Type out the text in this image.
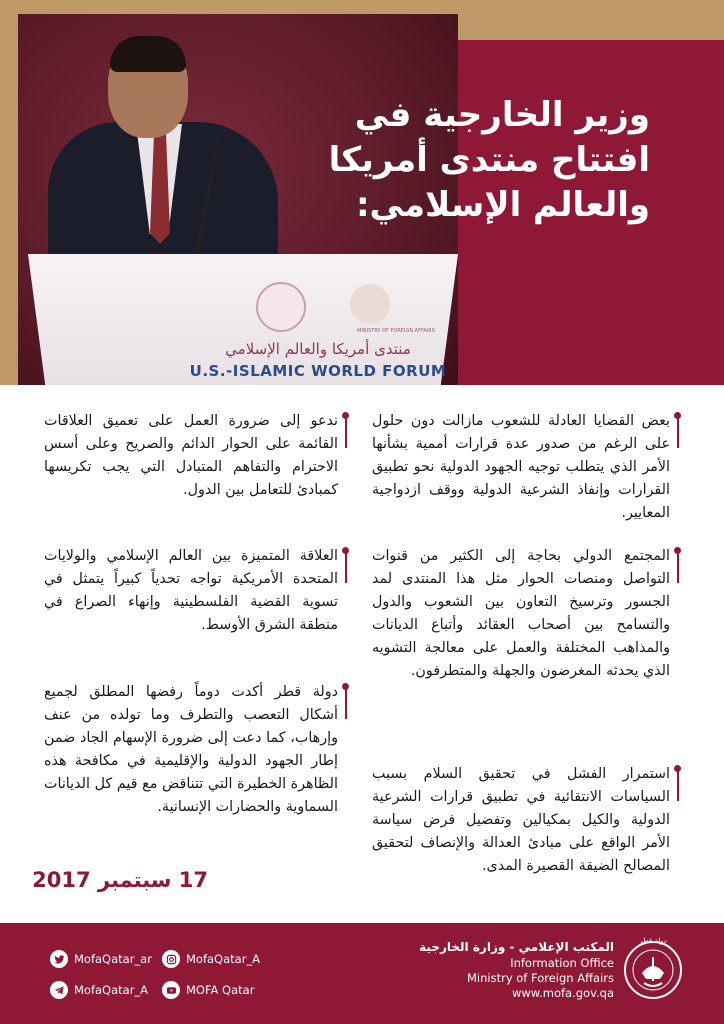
MINISTRY OF FOREIGN AFFAIRS
منتدى أمريكا والعالم الإسلامي
U.S.-ISLAMIC WORLD FORUM
وزير الخارجية في
افتتاح منتدى أمريكا
والعالم الإسلامي:
بعض القضايا العادلة للشعوب مازالت دون حلول على الرغم من صدور عدة قرارات أممية بشأنها الأمر الذي يتطلب توجيه الجهود الدولية نحو تطبيق القرارات وإنفاذ الشرعية الدولية ووقف ازدواجية المعايير.
المجتمع الدولي بحاجة إلى الكثير من قنوات التواصل ومنصات الحوار مثل هذا المنتدى لمد الجسور وترسيخ التعاون بين الشعوب والدول والتسامح بين أصحاب العقائد وأتباع الديانات والمذاهب المختلفة والعمل على معالجة التشويه الذي يحدثه المغرضون والجهلة والمتطرفون.
استمرار الفشل في تحقيق السلام بسبب السياسات الانتقائية في تطبيق قرارات الشرعية الدولية والكيل بمكيالين وتفضيل فرض سياسة الأمر الواقع على مبادئ العدالة والإنصاف لتحقيق المصالح الضيقة القصيرة المدى.
ندعو إلى ضرورة العمل على تعميق العلاقات القائمة على الحوار الدائم والصريح وعلى أسس الاحترام والتفاهم المتبادل التي يجب تكريسها كمبادئ للتعامل بين الدول.
العلاقة المتميزة بين العالم الإسلامي والولايات المتحدة الأمريكية تواجه تحدياً كبيراً يتمثل في تسوية القضية الفلسطينية وإنهاء الصراع في منطقة الشرق الأوسط.
دولة قطر أكدت دوماً رفضها المطلق لجميع أشكال التعصب والتطرف وما تولده من عنف وإرهاب، كما دعت إلى ضرورة الإسهام الجاد ضمن إطار الجهود الدولية والإقليمية في مكافحة هذه الظاهرة الخطيرة التي تتناقض مع قيم كل الديانات السماوية والحضارات الإنسانية.
17 سبتمبر 2017
MofaQatar_ar	MofaQatar_A
MofaQatar_A	MOFA Qatar
المكتب الإعلامي - وزارة الخارجية
Information Office
Ministry of Foreign Affairs
www.mofa.gov.qa
دولة قطر
